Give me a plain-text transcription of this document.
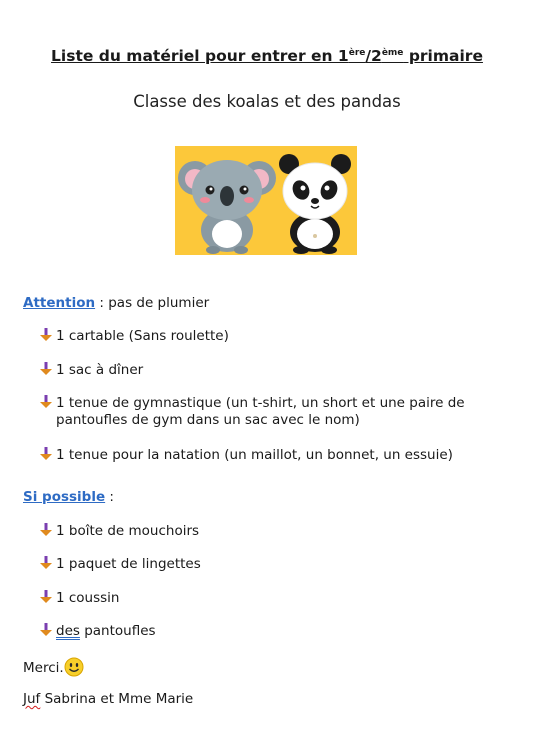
Liste du matériel pour entrer en 1ère/2ème primaire
Classe des koalas et des pandas
Attention : pas de plumier
1 cartable (Sans roulette)
1 sac à dîner
1 tenue de gymnastique (un t-shirt, un short et une paire de pantoufles de gym dans un sac avec le nom)
1 tenue pour la natation (un maillot, un bonnet, un essuie)
Si possible :
1 boîte de mouchoirs
1 paquet de lingettes
1 coussin
des pantoufles
Merci.
Juf Sabrina et Mme Marie
